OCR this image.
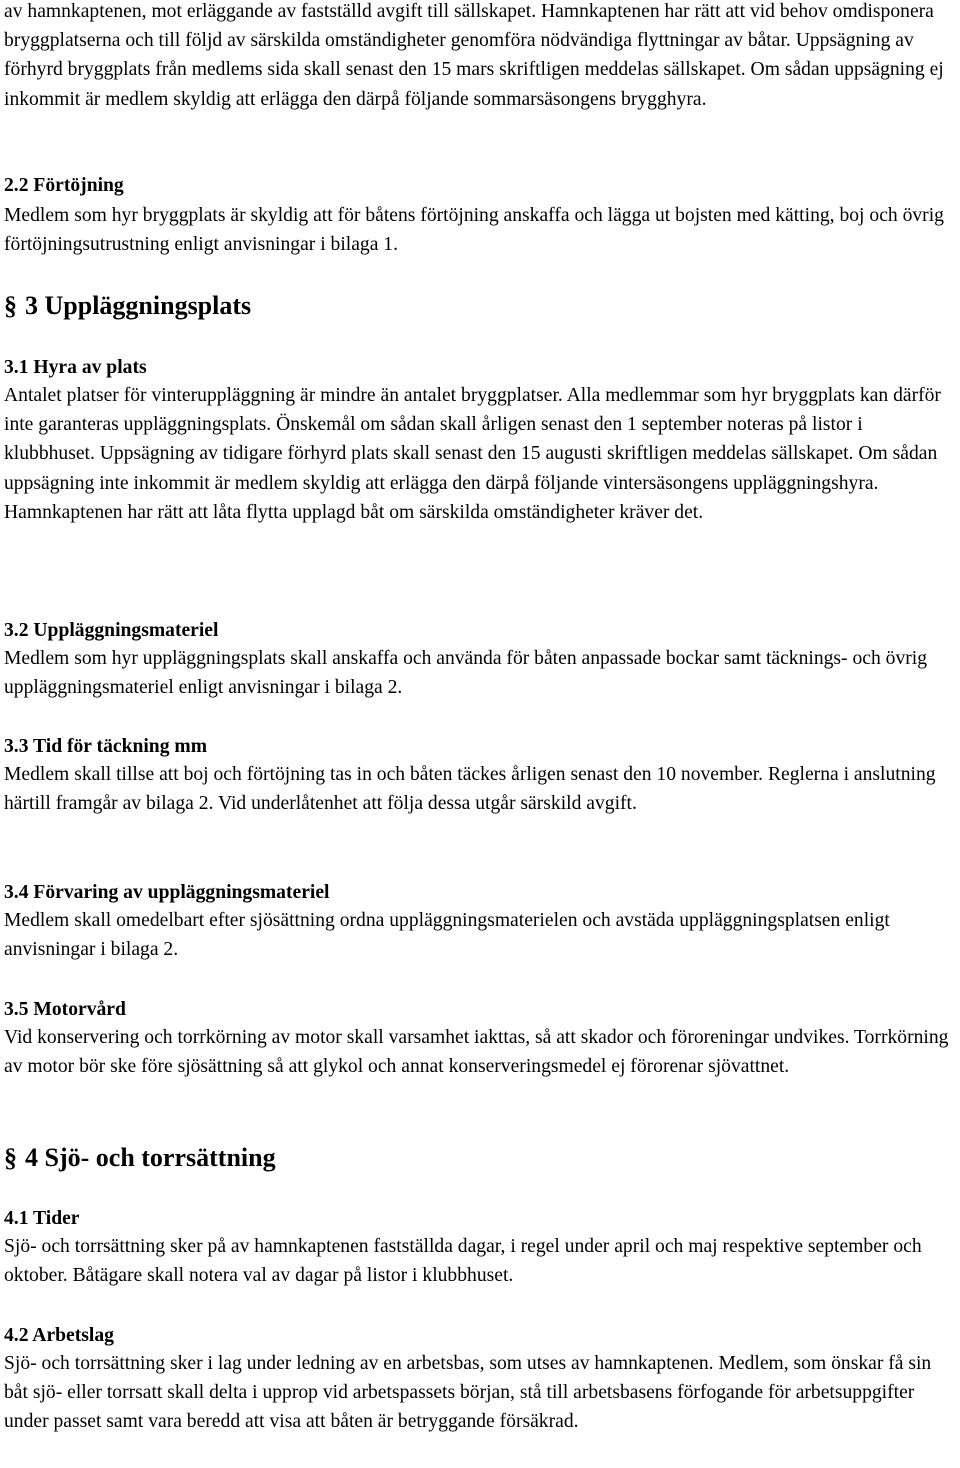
av hamnkaptenen, mot erläggande av fastställd avgift till sällskapet. Hamnkaptenen har rätt att vid behov omdisponera bryggplatserna och till följd av särskilda omständigheter genomföra nödvändiga flyttningar av båtar. Uppsägning av förhyrd bryggplats från medlems sida skall senast den 15 mars skriftligen meddelas sällskapet. Om sådan uppsägning ej inkommit är medlem skyldig att erlägga den därpå följande sommarsäsongens brygghyra.

2.2 Förtöjning

Medlem som hyr bryggplats är skyldig att för båtens förtöjning anskaffa och lägga ut bojsten med kätting, boj och övrig förtöjningsutrustning enligt anvisningar i bilaga 1.

§ 3 Uppläggningsplats
3.1 Hyra av plats

Antalet platser för vinteruppläggning är mindre än antalet bryggplatser. Alla medlemmar som hyr bryggplats kan därför inte garanteras uppläggningsplats. Önskemål om sådan skall årligen senast den 1 september noteras på listor i klubbhuset. Uppsägning av tidigare förhyrd plats skall senast den 15 augusti skriftligen meddelas sällskapet. Om sådan uppsägning inte inkommit är medlem skyldig att erlägga den därpå följande vintersäsongens uppläggningshyra. Hamnkaptenen har rätt att låta flytta upplagd båt om särskilda omständigheter kräver det.

3.2 Uppläggningsmateriel

Medlem som hyr uppläggningsplats skall anskaffa och använda för båten anpassade bockar samt täcknings- och övrig uppläggningsmateriel enligt anvisningar i bilaga 2.

3.3 Tid för täckning mm

Medlem skall tillse att boj och förtöjning tas in och båten täckes årligen senast den 10 november. Reglerna i anslutning härtill framgår av bilaga 2. Vid underlåtenhet att följa dessa utgår särskild avgift.

3.4 Förvaring av uppläggningsmateriel

Medlem skall omedelbart efter sjösättning ordna uppläggningsmaterielen och avstäda uppläggningsplatsen enligt anvisningar i bilaga 2.

3.5 Motorvård

Vid konservering och torrkörning av motor skall varsamhet iakttas, så att skador och föroreningar undvikes. Torrkörning av motor bör ske före sjösättning så att glykol och annat konserveringsmedel ej förorenar sjövattnet.

§ 4 Sjö- och torrsättning
4.1 Tider

Sjö- och torrsättning sker på av hamnkaptenen fastställda dagar, i regel under april och maj respektive september och oktober. Båtägare skall notera val av dagar på listor i klubbhuset.

4.2 Arbetslag

Sjö- och torrsättning sker i lag under ledning av en arbetsbas, som utses av hamnkaptenen. Medlem, som önskar få sin båt sjö- eller torrsatt skall delta i upprop vid arbetspassets början, stå till arbetsbasens förfogande för arbetsuppgifter under passet samt vara beredd att visa att båten är betryggande försäkrad.
